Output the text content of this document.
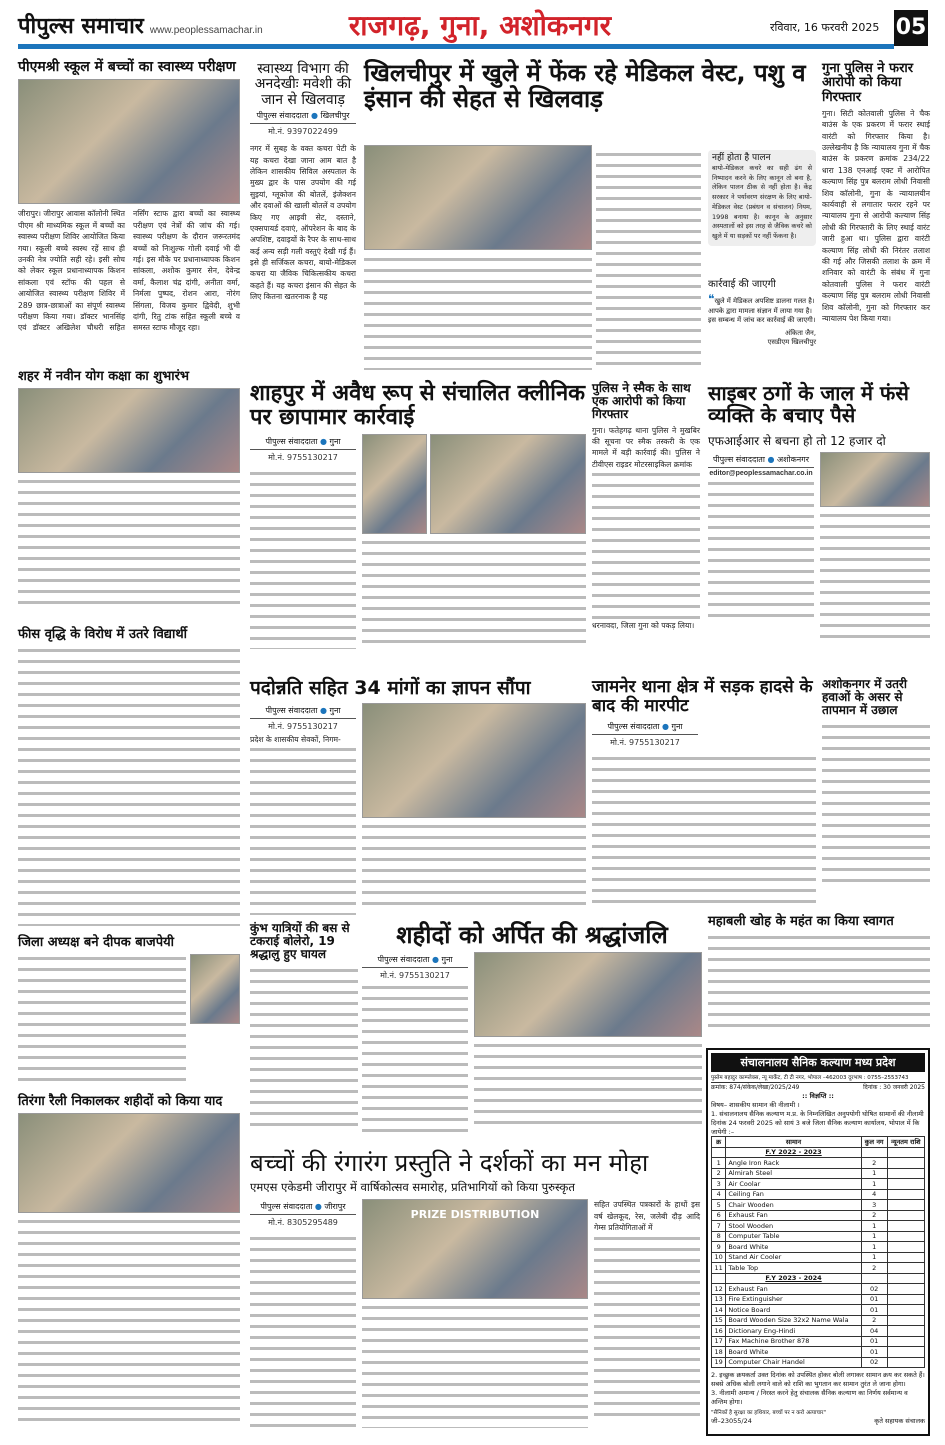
पीपुल्स समाचार www.peoplessamachar.in	राजगढ़, गुना, अशोकनगर	रविवार, 16 फरवरी 2025 05
पीएमश्री स्कूल में बच्चों का स्वास्थ्य परीक्षण
जीरापुर। जीरापुर आवास कॉलोनी स्थित पीएम श्री माध्यमिक स्कूल में बच्चों का स्वास्थ्य परीक्षण शिविर आयोजित किया गया। स्कूली बच्चे स्वस्थ रहें साथ ही उनकी नेत्र ज्योति सही रहे। इसी सोच को लेकर स्कूल प्रधानाध्यापक किशन सांकला एवं स्टॉफ की पहल से आयोजित स्वास्थ्य परीक्षण शिविर में 289 छात्र-छात्राओं का संपूर्ण स्वास्थ्य परीक्षण किया गया। डॉक्टर भानसिंह एवं डॉक्टर अखिलेश चौधरी सहित नर्सिंग स्टाफ द्वारा बच्चों का स्वास्थ्य परीक्षण एवं नेत्रों की जांच की गई। स्वास्थ्य परीक्षण के दौरान जरूरतमंद बच्चों को निःशुल्क गोली दवाई भी दी गई। इस मौके पर प्रधानाध्यापक किशन सांकला, अशोक कुमार सेन, देवेन्द्र वर्मा, कैलाश चंद्र दांगी, अनीता वर्मा, निर्मला पुष्पद, रोशन आरा, नोरंग सिंगला, विजय कुमार द्विवेदी, शुभी दांगी, रितु टांक सहित स्कूली बच्चे व समस्त स्टाफ मौजूद रहा।
शहर में नवीन योग कक्षा का शुभारंभ
फीस वृद्धि के विरोध में उतरे विद्यार्थी
जिला अध्यक्ष बने दीपक बाजपेयी
तिरंगा रैली निकालकर शहीदों को किया याद
स्वास्थ्य विभाग की अनदेखीः मवेशी की जान से खिलवाड़
पीपुल्स संवाददाता ● खिलचीपुर
मो.नं. 9397022499
नगर में सुबह के वक्त कचरा पेटी के यह कचरा देखा जाना आम बात है लेकिन शासकीय सिविल अस्पताल के मुख्य द्वार के पास उपयोग की गई सुइयां, ग्लूकोज की बोतलें, इंजेक्शन और दवाओं की खाली बोतलें व उपयोग किए गए आइवी सेट, दस्ताने, एक्सपायर्ड दवाएं, ऑपरेशन के बाद के अपशिष्ट, दवाइयों के रैपर के साथ-साथ कई अन्य सड़ी गली वस्तुएं देखी गई हैं। इसे ही सर्जिकल कचरा, बायो-मेडिकल कचरा या जैविक चिकित्सकीय कचरा कहते हैं। यह कचरा इंसान की सेहत के लिए कितना खतरनाक है यह
खिलचीपुर में खुले में फेंक रहे मेडिकल वेस्ट, पशु व इंसान की सेहत से खिलवाड़
नहीं होता है पालन
बायो-मेडिकल कचरे का सही ढंग से निष्पादन करने के लिए कानून तो बना है, लेकिन पालन ठीक से नहीं होता है। केंद्र सरकार ने पर्यावरण संरक्षण के लिए बायो-मेडिकल वेस्ट (प्रबंधन व संचालन) नियम, 1998 बनाया है। कानून के अनुसार अस्पतालों को इस तरह से जैविक कचरे को खुले में या सड़कों पर नहीं फेंकना है।
कार्रवाई की जाएगी
❝खुले में मेडिकल अपशिष्ट डालना गलत है। आपके द्वारा मामला संज्ञान में लाया गया है। इस सम्बन्ध में जांच कर कार्रवाई की जाएगी।
अंकिता जैन,
एसडीएम खिलचीपुर
गुना पुलिस ने फरार आरोपी को किया गिरफ्तार
गुना। सिटी कोतवाली पुलिस ने चैक बाउंस के एक प्रकरण में फरार स्थाई वारंटी को गिरफ्तार किया है। उल्लेखनीय है कि न्यायालय गुना में चैक बाउंस के प्रकरण क्रमांक 234/22 धारा 138 एनआई एक्ट में आरोपित कल्याण सिंह पुत्र बलराम लोधी निवासी शिव कॉलोनी, गुना के न्यायालयीन कार्यवाही से लगातार फरार रहने पर न्यायालय गुना से आरोपी कल्याण सिंह लोधी की गिरफ्तारी के लिए स्थाई वारंट जारी हुआ था। पुलिस द्वारा वारंटी कल्याण सिंह लोधी की निरंतर तलाश की गई और जिसकी तलाश के क्रम में शनिवार को वारंटी के संबंध में गुना कोतवाली पुलिस ने फरार वारंटी कल्याण सिंह पुत्र बलराम लोधी निवासी शिव कॉलोनी, गुना को गिरफ्तार कर न्यायालय पेश किया गया।
शाहपुर में अवैध रूप से संचालित क्लीनिक पर छापामार कार्रवाई
पीपुल्स संवाददाता ● गुना
मो.नं. 9755130217
पुलिस ने स्मैक के साथ एक आरोपी को किया गिरफ्तार
गुना। फतेहगढ़ थाना पुलिस ने मुखबिर की सूचना पर स्मैक तस्करी के एक मामले में बड़ी कार्रवाई की। पुलिस ने टीवीएस राइडर मोटरसाइकिल क्रमांक
धरनावदा, जिला गुना को पकड़ लिया।
साइबर ठगों के जाल में फंसे व्यक्ति के बचाए पैसे
एफआईआर से बचना हो तो 12 हजार दो
पीपुल्स संवाददाता ● अशोकनगर
editor@peoplessamachar.co.in
पदोन्नति सहित 34 मांगों का ज्ञापन सौंपा
पीपुल्स संवाददाता ● गुना
मो.नं. 9755130217
प्रदेश के शासकीय सेवकों, निगम-
जामनेर थाना क्षेत्र में सड़क हादसे के बाद की मारपीट
पीपुल्स संवाददाता ● गुना
मो.नं. 9755130217
अशोकनगर में उतरी हवाओं के असर से तापमान में उछाल
महाबली खोह के महंत का किया स्वागत
कुंभ यात्रियों की बस से टकराई बोलेरो, 19 श्रद्धालु हुए घायल
शहीदों को अर्पित की श्रद्धांजलि
पीपुल्स संवाददाता ● गुना
मो.नं. 9755130217
बच्चों की रंगारंग प्रस्तुति ने दर्शकों का मन मोहा
एमएस एकेडमी जीरापुर में वार्षिकोत्सव समारोह, प्रतिभागियों को किया पुरुस्कृत
पीपुल्स संवाददाता ● जीरापुर
मो.नं. 8305295489
PRIZE DISTRIBUTION
सहित उपस्थित पत्रकारों के हाथों इस वर्ष खेलकूद, रेस, जलेबी दौड़ आदि गेम्स प्रतियोगिताओं में
संचालनालय सैनिक कल्याण मध्य प्रदेश
पुस्तेम बहादुर काम्प्लेक्स, न्यू मार्केट, टी टी नगर, भोपाल –462003 दूरभाष : 0755–2553743
क्रमांक: 874/संकेक/लेखा/2025/249	दिनांक : 30 जनवरी 2025
:: विज्ञप्ति ::
विषय– शासकीय सामान की नीलामी ।
1. संचालनालय सैनिक कल्याण म.प्र. के निम्नलिखित अनुपयोगी घोषित सामानों की नीलामी दिनांक 24 फरवरी 2025 को सायं 3 बजे जिला सैनिक कल्याण कार्यालय, भोपाल में कि जायेगी :–
क्र	सामान	कुल नग	न्यूनतम राशि
	F.Y 2022 - 2023		
1	Angle Iron Rack	2	
2	Almirah Steel	1	
3	Air Coolar	1	
4	Ceiling Fan	4	
5	Chair Wooden	3	
6	Exhaust Fan	2	
7	Stool Wooden	1	
8	Computer Table	1	
9	Board White	1	
10	Stand Air Cooler	1	
11	Table Top	2	
	F.Y 2023 - 2024		
12	Exhaust Fan	02	
13	Fire Extinguisher	01	
14	Notice Board	01	
15	Board Wooden Size 32x2 Name Wala	2	
16	Dictionary Eng-Hindi	04	
17	Fax Machine Brother 878	01	
18	Board White	01	
19	Computer Chair Handel	02	
2. इच्छुक क्रयकर्ता उक्त दिनांक को उपस्थित होकर बोली लगाकर सामान क्रय कर सकते हैं। सबसे अधिक बोली लगाने वाले को राशि का भुगतान कर सामान तुरंत ले जाना होगा।
3. नीलामी अमान्य / निरस्त करने हेतु संचालक सैनिक कल्याण का निर्णय सर्वमान्य व अन्तिम होगा।
"सैनिकों है सुरक्षा का हथियार, बच्चों पर न करो अत्याचार"
जी–23055/24	कृते सहायक संचालक
